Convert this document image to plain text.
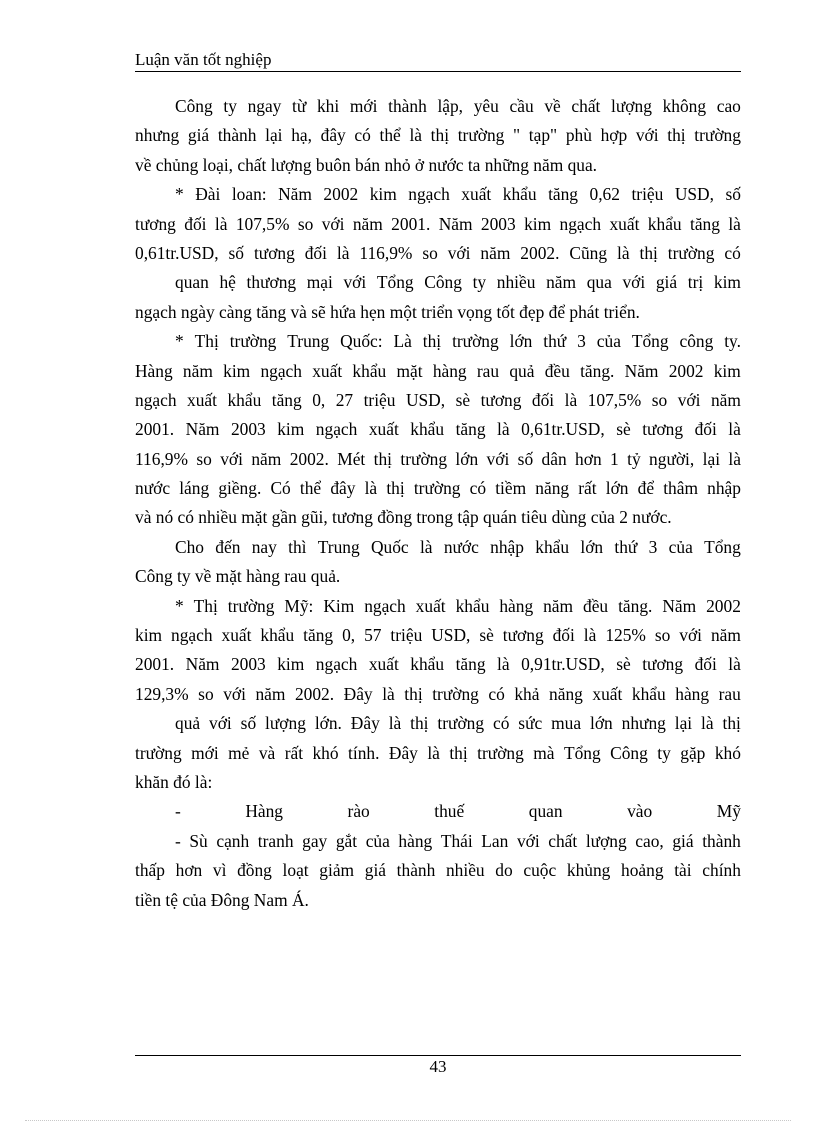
Luận văn tốt nghiệp
Công ty ngay từ khi mới thành lập, yêu cầu về chất lượng không cao
nhưng giá thành lại hạ, đây có thể là thị trường " tạp" phù hợp với thị trường
về chủng loại, chất lượng buôn bán nhỏ ở nước ta những năm qua.
* Đài loan: Năm 2002 kim ngạch xuất khẩu tăng 0,62 triệu USD, số
tương đối là 107,5% so với năm 2001. Năm 2003 kim ngạch xuất khẩu tăng là
0,61tr.USD, số tương đối là 116,9% so với năm 2002. Cũng là thị trường có
quan hệ thương mại với Tổng Công ty nhiều năm qua với giá trị kim
ngạch ngày càng tăng và sẽ hứa hẹn một triển vọng tốt đẹp để phát triển.
* Thị trường Trung Quốc: Là thị trường lớn thứ 3 của Tổng công ty.
Hàng năm kim ngạch xuất khẩu mặt hàng rau quả đều tăng. Năm 2002 kim
ngạch xuất khẩu tăng 0, 27 triệu USD, sè tương đối là 107,5% so với năm
2001. Năm 2003 kim ngạch xuất khẩu tăng là 0,61tr.USD, sè tương đối là
116,9% so với năm 2002. Mét thị trường lớn với số dân hơn 1 tỷ người, lại là
nước láng giềng. Có thể đây là thị trường có tiềm năng rất lớn để thâm nhập
và nó có nhiều mặt gần gũi, tương đồng trong tập quán tiêu dùng của 2 nước.
Cho đến nay thì Trung Quốc là nước nhập khẩu lớn thứ 3 của Tổng
Công ty về mặt hàng rau quả.
* Thị trường Mỹ: Kim ngạch xuất khẩu hàng năm đều tăng. Năm 2002
kim ngạch xuất khẩu tăng 0, 57 triệu USD, sè tương đối là 125% so với năm
2001. Năm 2003 kim ngạch xuất khẩu tăng là 0,91tr.USD, sè tương đối là
129,3% so với năm 2002. Đây là thị trường có khả năng xuất khẩu hàng rau
quả với số lượng lớn. Đây là thị trường có sức mua lớn nhưng lại là thị
trường mới mẻ và rất khó tính. Đây là thị trường mà Tổng Công ty gặp khó
khăn đó là:
-	Hàng	rào	thuế	quan	vào	Mỹ
- Sù cạnh tranh gay gắt của hàng Thái Lan với chất lượng cao, giá thành
thấp hơn vì đồng loạt giảm giá thành nhiều do cuộc khủng hoảng tài chính
tiền tệ của Đông Nam Á.
43
